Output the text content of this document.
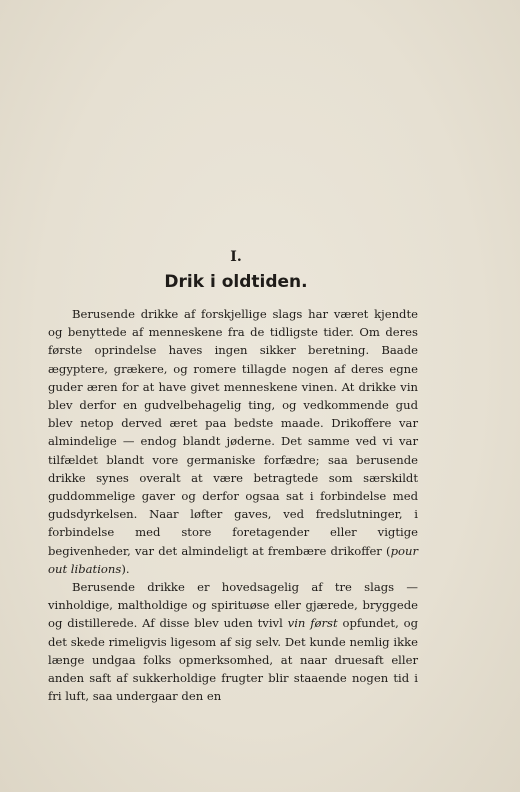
I.
Drik i oldtiden.

Berusende drikke af forskjellige slags har været kjendte og benyttede af menneskene fra de tidligste tider. Om deres første oprindelse haves ingen sikker beretning. Baade ægyptere, grækere, og romere tillagde nogen af deres egne guder æren for at have givet menneskene vinen. At drikke vin blev derfor en gudvelbehagelig ting, og vedkommende gud blev netop derved æret paa bedste maade. Drikoffere var almindelige — endog blandt jøderne. Det samme ved vi var tilfældet blandt vore germaniske forfædre; saa berusende drikke synes overalt at være betragtede som særskildt guddommelige gaver og derfor ogsaa sat i forbindelse med gudsdyrkelsen. Naar løfter gaves, ved fredslutninger, i forbindelse med store foretagender eller vigtige begivenheder, var det almindeligt at frembære drikoffer (pour out libations).

Berusende drikke er hovedsagelig af tre slags — vinholdige, maltholdige og spirituøse eller gjærede, bryggede og distillerede. Af disse blev uden tvivl vin først opfundet, og det skede rimeligvis ligesom af sig selv. Det kunde nemlig ikke længe undgaa folks opmerksomhed, at naar druesaft eller anden saft af sukkerholdige frugter blir staaende nogen tid i fri luft, saa undergaar den en
